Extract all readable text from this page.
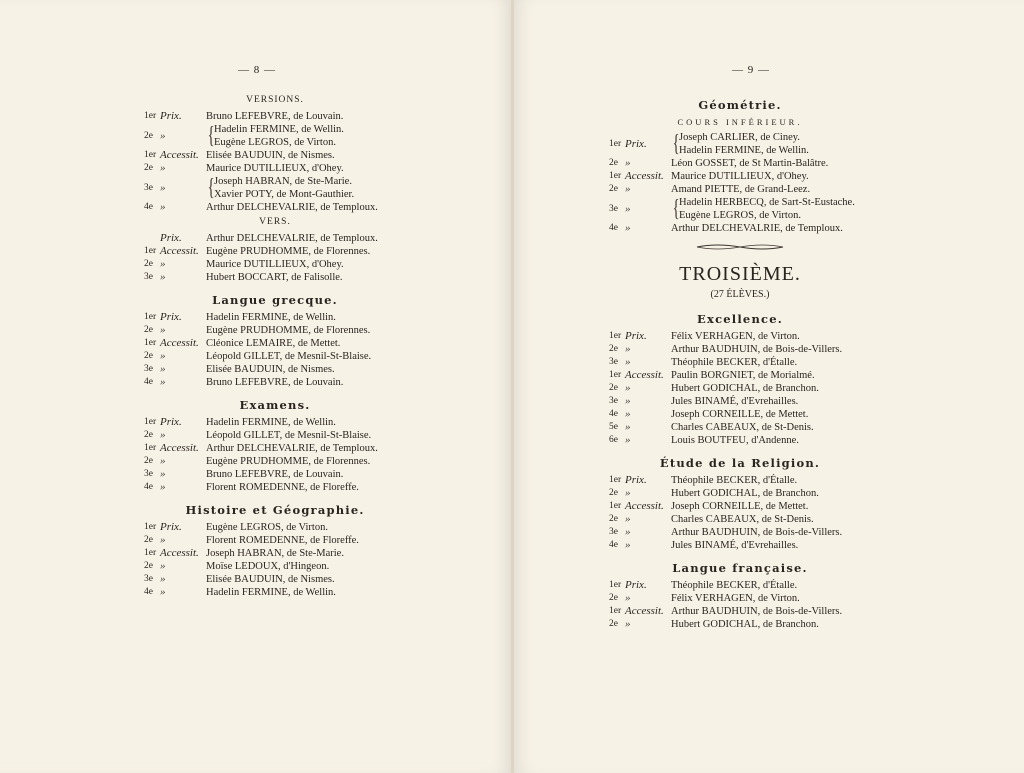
— 8 —
VERSIONS.
1er Prix.	Bruno LEFEBVRE, de Louvain.
2e »	{ Hadelin FERMINE, de Wellin.
Eugène LEGROS, de Virton.
1er Accessit. Elisée BAUDUIN, de Nismes.
2e »	Maurice DUTILLIEUX, d'Ohey.
3e »	{ Joseph HABRAN, de Ste-Marie.
Xavier POTY, de Mont-Gauthier.
4e »	Arthur DELCHEVALRIE, de Temploux.
VERS.
Prix.	Arthur DELCHEVALRIE, de Temploux.
1er Accessit. Eugène PRUDHOMME, de Florennes.
2e »	Maurice DUTILLIEUX, d'Ohey.
3e »	Hubert BOCCART, de Falisolle.
Langue grecque.
1er Prix.	Hadelin FERMINE, de Wellin.
2e »	Eugène PRUDHOMME, de Florennes.
1er Accessit. Cléonice LEMAIRE, de Mettet.
2e »	Léopold GILLET, de Mesnil-St-Blaise.
3e »	Elisée BAUDUIN, de Nismes.
4e »	Bruno LEFEBVRE, de Louvain.
Examens.
1er Prix.	Hadelin FERMINE, de Wellin.
2e »	Léopold GILLET, de Mesnil-St-Blaise.
1er Accessit. Arthur DELCHEVALRIE, de Temploux.
2e »	Eugène PRUDHOMME, de Florennes.
3e »	Bruno LEFEBVRE, de Louvain.
4e »	Florent ROMEDENNE, de Floreffe.
Histoire et Géographie.
1er Prix.	Eugène LEGROS, de Virton.
2e »	Florent ROMEDENNE, de Floreffe.
1er Accessit. Joseph HABRAN, de Ste-Marie.
2e »	Moïse LEDOUX, d'Hingeon.
3e »	Elisée BAUDUIN, de Nismes.
4e »	Hadelin FERMINE, de Wellin.
— 9 —
Géométrie.
COURS INFÉRIEUR.
1er Prix.	{ Joseph CARLIER, de Ciney.
Hadelin FERMINE, de Wellin.
2e »	Léon GOSSET, de St Martin-Balâtre.
1er Accessit. Maurice DUTILLIEUX, d'Ohey.
2e »	Amand PIETTE, de Grand-Leez.
3e »	{ Hadelin HERBECQ, de Sart-St-Eustache.
Eugène LEGROS, de Virton.
4e »	Arthur DELCHEVALRIE, de Temploux.
TROISIÈME.
(27 ÉLÈVES.)
Excellence.
1er Prix.	Félix VERHAGEN, de Virton.
2e »	Arthur BAUDHUIN, de Bois-de-Villers.
3e »	Théophile BECKER, d'Étalle.
1er Accessit. Paulin BORGNIET, de Morialmé.
2e »	Hubert GODICHAL, de Branchon.
3e »	Jules BINAMÉ, d'Evrehailles.
4e »	Joseph CORNEILLE, de Mettet.
5e »	Charles CABEAUX, de St-Denis.
6e »	Louis BOUTFEU, d'Andenne.
Étude de la Religion.
1er Prix.	Théophile BECKER, d'Étalle.
2e »	Hubert GODICHAL, de Branchon.
1er Accessit. Joseph CORNEILLE, de Mettet.
2e »	Charles CABEAUX, de St-Denis.
3e »	Arthur BAUDHUIN, de Bois-de-Villers.
4e »	Jules BINAMÉ, d'Evrehailles.
Langue française.
1er Prix.	Théophile BECKER, d'Étalle.
2e »	Félix VERHAGEN, de Virton.
1er Accessit. Arthur BAUDHUIN, de Bois-de-Villers.
2e »	Hubert GODICHAL, de Branchon.
